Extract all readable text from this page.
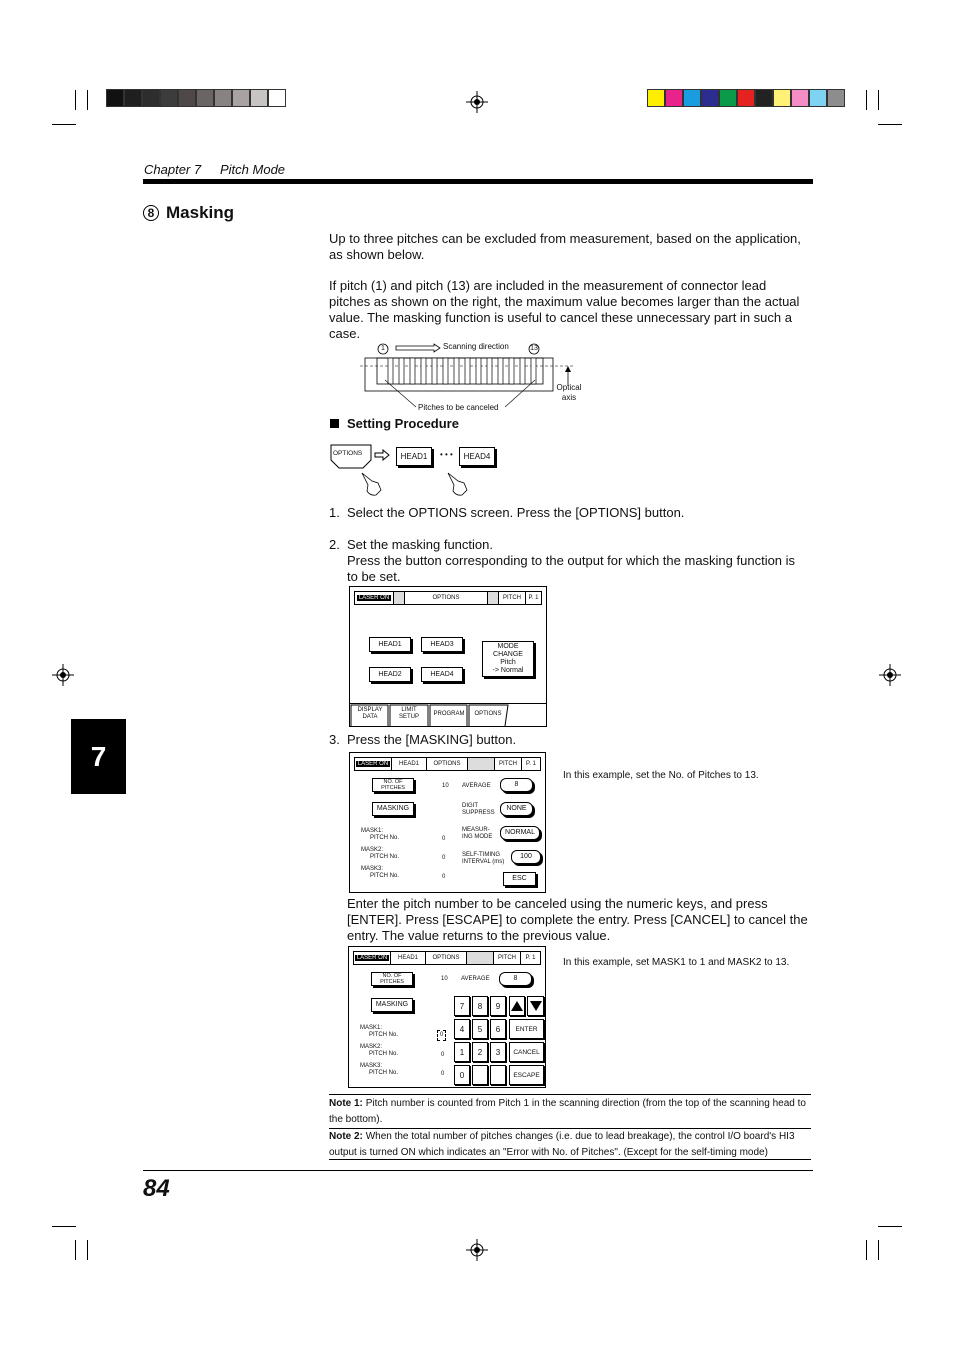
Chapter 7 Pitch Mode
8 Masking
Up to three pitches can be excluded from measurement, based on the application, as shown below.
If pitch (1) and pitch (13) are included in the measurement of connector lead pitches as shown on the right, the maximum value becomes larger than the actual value. The masking function is useful to cancel these unnecessary part in such a case.
1	13
Scanning direction
Optical axis
Pitches to be canceled
Setting Procedure
OPTIONS	HEAD1 • • • HEAD4
1. Select the OPTIONS screen. Press the [OPTIONS] button.
2. Set the masking function.
Press the button corresponding to the output for which the masking function is to be set.
LASER ON	OPTIONS	PITCH	P. 1
HEAD1	HEAD3
HEAD2	HEAD4
MODE
CHANGE
Pitch
-> Normal
DISPLAY DATA
LIMIT SETUP	PROGRAM	OPTIONS
3. Press the [MASKING] button.
In this example, set the No. of Pitches to 13.
LASER ON	HEAD1	OPTIONS	PITCH	P. 1
NO. OF
PITCHES	10 AVERAGE	8
MASKING	DIGIT
SUPPRESS
NONE
MEASUR-
ING MODE
NORMAL
SELF-TIMING
INTERVAL (ms)
100
MASK1:
PITCH No.	0
MASK2:
PITCH No.	0
MASK3:
PITCH No.	0	ESC
Enter the pitch number to be canceled using the numeric keys, and press [ENTER]. Press [ESCAPE] to complete the entry. Press [CANCEL] to cancel the entry. The value returns to the previous value.
In this example, set MASK1 to 1 and MASK2 to 13.
LASER ON	HEAD1	OPTIONS	PITCH	P. 1
NO. OF
PITCHES	10 AVERAGE	8
MASKING
MASK1:
PITCH No.	0
MASK2:
PITCH No.	0
MASK3:
PITCH No.	0
7	8	9
4	5	6	ENTER
1	2	3	CANCEL
0	ESCAPE
Note 1: Pitch number is counted from Pitch 1 in the scanning direction (from the top of the scanning head to the bottom).
Note 2: When the total number of pitches changes (i.e. due to lead breakage), the control I/O board's HI3 output is turned ON which indicates an "Error with No. of Pitches". (Except for the self-timing mode)
7
84
